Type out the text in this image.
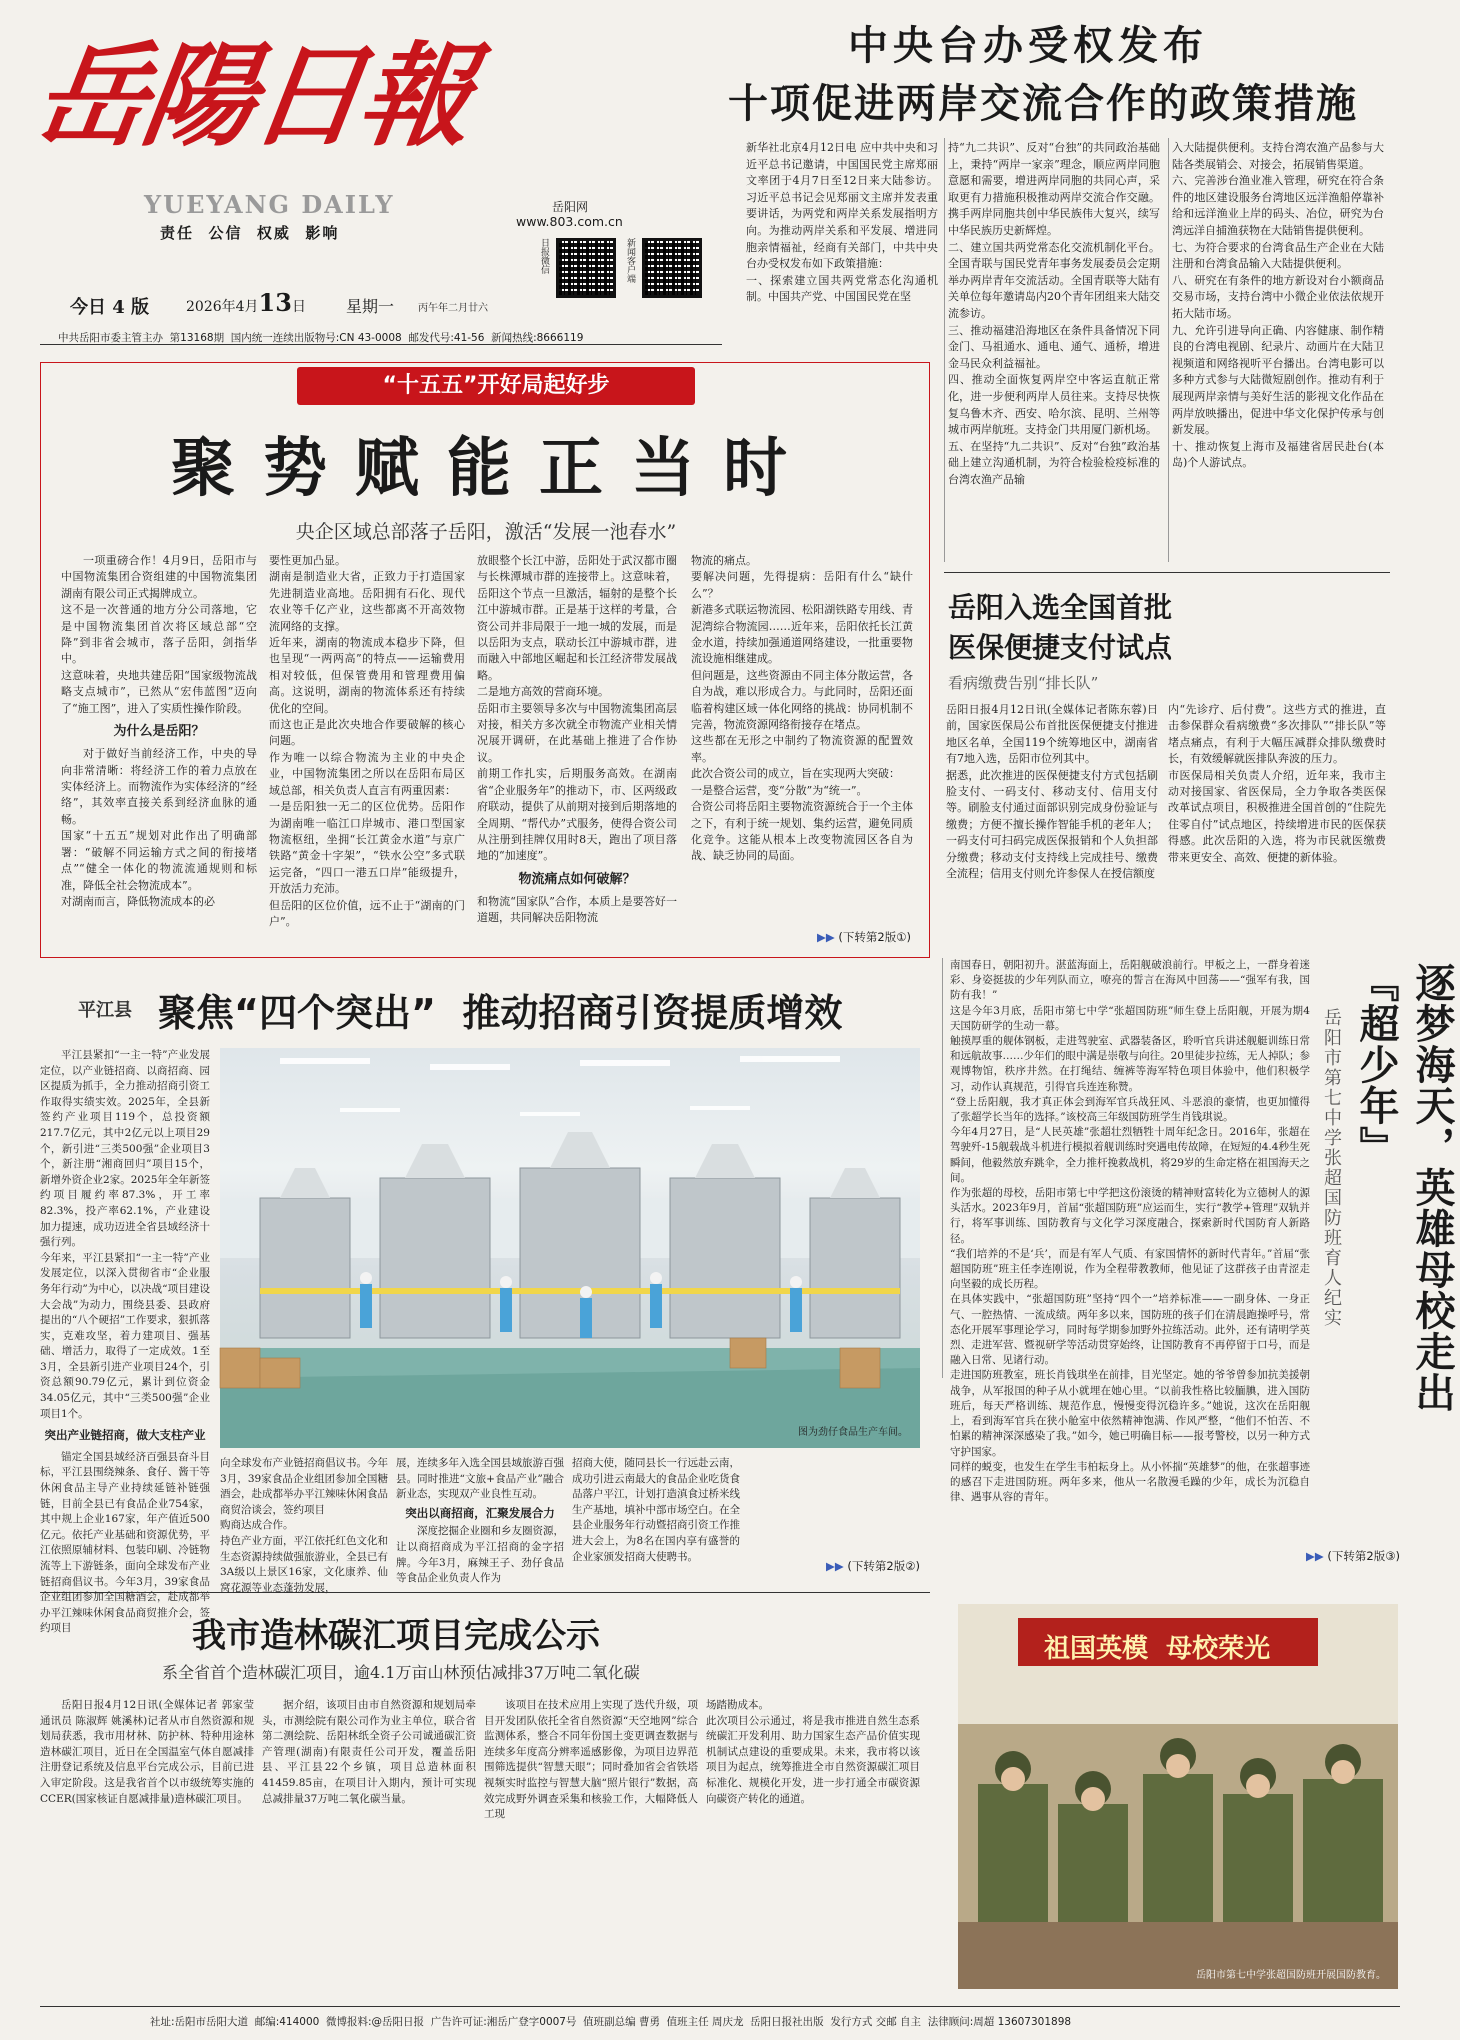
岳陽日報
YUEYANG DAILY
责任  公信  权威  影响
岳阳网
www.803.com.cn
日报微信	新闻客户端
今日 4 版	2026年4月13日	星期一 丙午年二月廿六
中共岳阳市委主管主办  第13168期  国内统一连续出版物号:CN 43-0008  邮发代号:41-56  新闻热线:8666119
中央台办受权发布
十项促进两岸交流合作的政策措施
新华社北京4月12日电 应中共中央和习近平总书记邀请，中国国民党主席郑丽文率团于4月7日至12日来大陆参访。习近平总书记会见郑丽文主席并发表重要讲话，为两党和两岸关系发展指明方向。为推动两岸关系和平发展、增进同胞亲情福祉，经商有关部门，中共中央台办受权发布如下政策措施：
一、探索建立国共两党常态化沟通机制。中国共产党、中国国民党在坚
持“九二共识”、反对“台独”的共同政治基础上，秉持“两岸一家亲”理念，顺应两岸同胞意愿和需要，增进两岸同胞的共同心声，采取更有力措施积极推动两岸交流合作交融。携手两岸同胞共创中华民族伟大复兴，续写中华民族历史新辉煌。
二、建立国共两党常态化交流机制化平台。全国青联与国民党青年事务发展委员会定期举办两岸青年交流活动。全国青联等大陆有关单位每年邀请岛内20个青年团组来大陆交流参访。
三、推动福建沿海地区在条件具备情况下同金门、马祖通水、通电、通气、通桥，增进金马民众利益福祉。
四、推动全面恢复两岸空中客运直航正常化，进一步便利两岸人员往来。支持尽快恢复乌鲁木齐、西安、哈尔滨、昆明、兰州等城市两岸航班。支持金门共用厦门新机场。
五、在坚持“九二共识”、反对“台独”政治基础上建立沟通机制，为符合检验检疫标准的台湾农渔产品输
入大陆提供便利。支持台湾农渔产品参与大陆各类展销会、对接会，拓展销售渠道。
六、完善涉台渔业准入管理，研究在符合条件的地区建设服务台湾地区远洋渔船停靠补给和远洋渔业上岸的码头、冶位，研究为台湾远洋自捕渔获物在大陆销售提供便利。
七、为符合要求的台湾食品生产企业在大陆注册和台湾食品输入大陆提供便利。
八、研究在有条件的地方新设对台小额商品交易市场，支持台湾中小微企业依法依规开拓大陆市场。
九、允许引进导向正确、内容健康、制作精良的台湾电视剧、纪录片、动画片在大陆卫视频道和网络视听平台播出。台湾电影可以多种方式参与大陆微短剧创作。推动有利于展现两岸亲情与美好生活的影视文化作品在两岸放映播出，促进中华文化保护传承与创新发展。
十、推动恢复上海市及福建省居民赴台(本岛)个人游试点。
岳阳入选全国首批
医保便捷支付试点
看病缴费告别“排长队”
岳阳日报4月12日讯(全媒体记者陈东蓉)日前，国家医保局公布首批医保便捷支付推进地区名单，全国119个统筹地区中，湖南省有7地入选，岳阳市位列其中。
据悉，此次推进的医保便捷支付方式包括刷脸支付、一码支付、移动支付、信用支付等。刷脸支付通过面部识别完成身份验证与缴费；方便不擅长操作智能手机的老年人；一码支付可扫码完成医保报销和个人负担部分缴费；移动支付支持线上完成挂号、缴费全流程；信用支付则允许参保人在授信额度
内“先诊疗、后付费”。这些方式的推进，直击参保群众看病缴费“多次排队”“排长队”等堵点痛点，有利于大幅压减群众排队缴费时长，有效缓解就医排队奔波的压力。
市医保局相关负责人介绍，近年来，我市主动对接国家、省医保局，全力争取各类医保改革试点项目，积极推进全国首创的“住院先住零自付”试点地区，持续增进市民的医保获得感。此次岳阳的入选，将为市民就医缴费带来更安全、高效、便捷的新体验。
“十五五”开好局起好步
聚势赋能正当时
央企区域总部落子岳阳，激活“发展一池春水”
一项重磅合作！4月9日，岳阳市与中国物流集团合资组建的中国物流集团湖南有限公司正式揭牌成立。
这不是一次普通的地方分公司落地，它是中国物流集团首次将区域总部“空降”到非省会城市，落子岳阳，剑指华中。
这意味着，央地共建岳阳“国家级物流战略支点城市”，已然从“宏伟蓝图”迈向了“施工图”，进入了实质性操作阶段。
为什么是岳阳？
对于做好当前经济工作，中央的导向非常清晰：将经济工作的着力点放在实体经济上。而物流作为实体经济的“经络”，其效率直接关系到经济血脉的通畅。
国家“十五五”规划对此作出了明确部署：“破解不同运输方式之间的衔接堵点”“健全一体化的物流流通规则和标准，降低全社会物流成本”。
对湖南而言，降低物流成本的必
要性更加凸显。
湖南是制造业大省，正致力于打造国家先进制造业高地。岳阳拥有石化、现代农业等千亿产业，这些都离不开高效物流网络的支撑。
近年来，湖南的物流成本稳步下降，但也呈现“一两两高”的特点——运输费用相对较低，但保管费用和管理费用偏高。这说明，湖南的物流体系还有持续优化的空间。
而这也正是此次央地合作要破解的核心问题。
作为唯一以综合物流为主业的中央企业，中国物流集团之所以在岳阳布局区域总部，相关负责人直言有两重因素：
一是岳阳独一无二的区位优势。岳阳作为湖南唯一临江口岸城市、港口型国家物流枢纽，坐拥“长江黄金水道”与京广铁路“黄金十字架”，“铁水公空”多式联运完备，“四口一港五口岸”能级提升，开放活力充沛。
但岳阳的区位价值，远不止于“湖南的门户”。
放眼整个长江中游，岳阳处于武汉都市圈与长株潭城市群的连接带上。这意味着，岳阳这个节点一旦激活，辐射的是整个长江中游城市群。正是基于这样的考量，合资公司并非局限于一地一城的发展，而是以岳阳为支点，联动长江中游城市群，进而融入中部地区崛起和长江经济带发展战略。
二是地方高效的营商环境。
岳阳市主要领导多次与中国物流集团高层对接，相关方多次就全市物流产业相关情况展开调研，在此基础上推进了合作协议。
前期工作扎实，后期服务高效。在湖南省“企业服务年”的推动下，市、区两级政府联动，提供了从前期对接到后期落地的全周期、“帮代办”式服务，使得合资公司从注册到挂牌仅用时8天，跑出了项目落地的“加速度”。
物流痛点如何破解？
和物流“国家队”合作，本质上是要答好一道题，共同解决岳阳物流
物流的痛点。
要解决问题，先得提病：岳阳有什么“缺什么”？
新港多式联运物流园、松阳湖铁路专用线、青泥湾综合物流园……近年来，岳阳依托长江黄金水道，持续加强通道网络建设，一批重要物流设施相继建成。
但问题是，这些资源由不同主体分散运营，各自为战，难以形成合力。与此同时，岳阳还面临着构建区域一体化网络的挑战：协同机制不完善，物流资源网络衔接存在堵点。
这些都在无形之中制约了物流资源的配置效率。
此次合资公司的成立，旨在实现两大突破：
一是整合运营，变“分散”为“统一”。
合资公司将岳阳主要物流资源统合于一个主体之下，有利于统一规划、集约运营，避免同质化竞争。这能从根本上改变物流园区各自为战、缺乏协同的局面。
▶▶ (下转第2版①)
平江县 聚焦“四个突出”  推动招商引资提质增效
平江县紧扣“一主一特”产业发展定位，以产业链招商、以商招商、园区提质为抓手，全力推动招商引资工作取得实绩实效。2025年，全县新签约产业项目119个，总投资额217.7亿元，其中2亿元以上项目29个，新引进“三类500强”企业项目3个，新注册“湘商回归”项目15个，新增外资企业2家。2025年全年新签约项目履约率87.3%，开工率82.3%，投产率62.1%，产业建设加力提速，成功迈进全省县域经济十强行列。
今年来，平江县紧扣“一主一特”产业发展定位，以深入贯彻省市“企业服务年行动”为中心，以决战“项目建设大会战”为动力，围绕县委、县政府提出的“八个硬招”工作要求，狠抓落实，克难攻坚，着力建项目、强基础、增活力，取得了一定成效。1至3月，全县新引进产业项目24个，引资总额90.79亿元，累计到位资金34.05亿元，其中“三类500强”企业项目1个。
突出产业链招商，做大支柱产业
锚定全国县域经济百强县奋斗目标，平江县围绕辣条、食仔、酱干等休闲食品主导产业持续延链补链强链，目前全县已有食品企业754家，其中规上企业167家，年产值近500亿元。依托产业基础和资源优势，平江依照原辅材料、包装印刷、冷链物流等上下游链条，面向全球发布产业链招商倡议书。今年3月，39家食品企业组团参加全国糖酒会，赴成都举办平江辣味休闲食品商贸推介会，签约项目
图为劲仔食品生产车间。
向全球发布产业链招商倡议书。今年3月，39家食品企业组团参加全国糖酒会，赴成都举办平江辣味休闲食品商贸洽谈会，签约项目
购商达成合作。
持色产业方面，平江依托红色文化和生态资源持续做强旅游业，全县已有3A级以上景区16家，文化康养、仙窝花源等业态蓬勃发展，
展，连续多年入选全国县域旅游百强县。同时推进“文旅+食品产业”融合新业态，实现双产业良性互动。
突出以商招商，汇聚发展合力
深度挖掘企业圈和乡友圈资源，让以商招商成为平江招商的金字招牌。今年3月，麻辣王子、劲仔食品等食品企业负责人作为
招商大使，随同县长一行远赴云南，成功引进云南最大的食品企业吃货食品落户平江，计划打造滇食过桥米线生产基地，填补中部市场空白。在全县企业服务年行动暨招商引资工作推进大会上，为8名在国内享有盛誉的企业家颁发招商大使聘书。
▶▶ (下转第2版②)
南国春日，朝阳初升。湛蓝海面上，岳阳舰破浪前行。甲板之上，一群身着迷彩、身姿挺拔的少年列队而立，嘹亮的誓言在海风中回荡——“强军有我，国防有我！”
这是今年3月底，岳阳市第七中学“张超国防班”师生登上岳阳舰，开展为期4天国防研学的生动一幕。
触摸厚重的舰体钢板，走进驾驶室、武器装备区，聆听官兵讲述舰艇训练日常和远航故事……少年们的眼中满是崇敬与向往。20里徒步拉练，无人掉队；参观博物馆，秩序井然。在打绳结、缠裤等海军特色项目体验中，他们积极学习，动作认真规范，引得官兵连连称赞。
“登上岳阳舰，我才真正体会到海军官兵战狂风、斗恶浪的豪情，也更加懂得了张超学长当年的选择。”该校高三年级国防班学生肖钱琪说。
今年4月27日，是“人民英雄”张超壮烈牺牲十周年纪念日。2016年，张超在驾驶歼-15舰载战斗机进行模拟着舰训练时突遇电传故障，在短短的4.4秒生死瞬间，他毅然放弃跳伞，全力推杆挽救战机，将29岁的生命定格在祖国海天之间。
作为张超的母校，岳阳市第七中学把这份滚烫的精神财富转化为立德树人的源头活水。2023年9月，首届“张超国防班”应运而生，实行“教学+管理”双轨并行，将军事训练、国防教育与文化学习深度融合，探索新时代国防育人新路径。
“我们培养的不是‘兵’，而是有军人气质、有家国情怀的新时代青年。”首届“张超国防班”班主任李连刚说，作为全程带教教师，他见证了这群孩子由青涩走向坚毅的成长历程。
在具体实践中，“张超国防班”坚持“四个一”培养标准——一副身体、一身正气、一腔热情、一流成绩。两年多以来，国防班的孩子们在清晨跑操呼号，常态化开展军事理论学习，同时每学期参加野外拉练活动。此外，还有请明学英烈、走进军营、暨视研学等活动贯穿始终，让国防教育不再停留于口号，而是融入日常、见诸行动。
走进国防班教室，班长肖钱琪坐在前排，目光坚定。她的爷爷曾参加抗美援朝战争，从军报国的种子从小就埋在她心里。“以前我性格比较腼腆，进入国防班后，每天严格训练、规范作息，慢慢变得沉稳许多。”她说，这次在岳阳舰上，看到海军官兵在狭小舱室中依然精神饱满、作风严整，“他们不怕苦、不怕累的精神深深感染了我。”如今，她已明确目标——报考警校，以另一种方式守护国家。
同样的蜕变，也发生在学生韦柏耘身上。从小怀揣“英雄梦”的他，在张超事迹的感召下走进国防班。两年多来，他从一名散漫毛躁的少年，成长为沉稳自律、遇事从容的青年。
逐梦海天，英雄母校走出『超少年』
岳阳市第七中学张超国防班育人纪实
▶▶ (下转第2版③)
我市造林碳汇项目完成公示
系全省首个造林碳汇项目，逾4.1万亩山林预估减排37万吨二氧化碳
岳阳日报4月12日讯(全媒体记者 郭家莹 通讯员 陈淑辉 姚溪林)记者从市自然资源和规划局获悉，我市用材林、防护林、特种用途林造林碳汇项目，近日在全国温室气体自愿减排注册登记系统及信息平台完成公示，目前已进入审定阶段。这是我省首个以市级统筹实施的CCER(国家核证自愿减排量)造林碳汇项目。
据介绍，该项目由市自然资源和规划局牵头，市测绘院有限公司作为业主单位，联合省第二测绘院、岳阳林纸全资子公司诚通碳汇资产管理(湖南)有限责任公司开发，覆盖岳阳县、平江县22个乡镇，项目总造林面积41459.85亩，在项目计入期内，预计可实现总减排量37万吨二氧化碳当量。
该项目在技术应用上实现了迭代升级，项目开发团队依托全省自然资源“天空地网”综合监测体系，整合不同年份国土变更调查数据与连续多年度高分辨率遥感影像，为项目边界范围筛选提供“智慧天眼”；同时叠加省会省铁塔视频实时监控与智慧大脑“照片银行”数据，高效完成野外调查采集和核验工作，大幅降低人工现
场踏勘成本。
此次项目公示通过，将是我市推进自然生态系统碳汇开发利用、助力国家生态产品价值实现机制试点建设的重要成果。未来，我市将以该项目为起点，统筹推进全市自然资源碳汇项目标准化、规模化开发，进一步打通全市碳资源向碳资产转化的通道。
祖国英模  母校荣光
岳阳市第七中学张超国防班开展国防教育。
社址:岳阳市岳阳大道  邮编:414000  微博报料:@岳阳日报  广告许可证:湘岳广登字0007号  值班副总编 曹勇  值班主任 周庆龙  岳阳日报社出版  发行方式 交邮 自主  法律顾问:周超 13607301898
